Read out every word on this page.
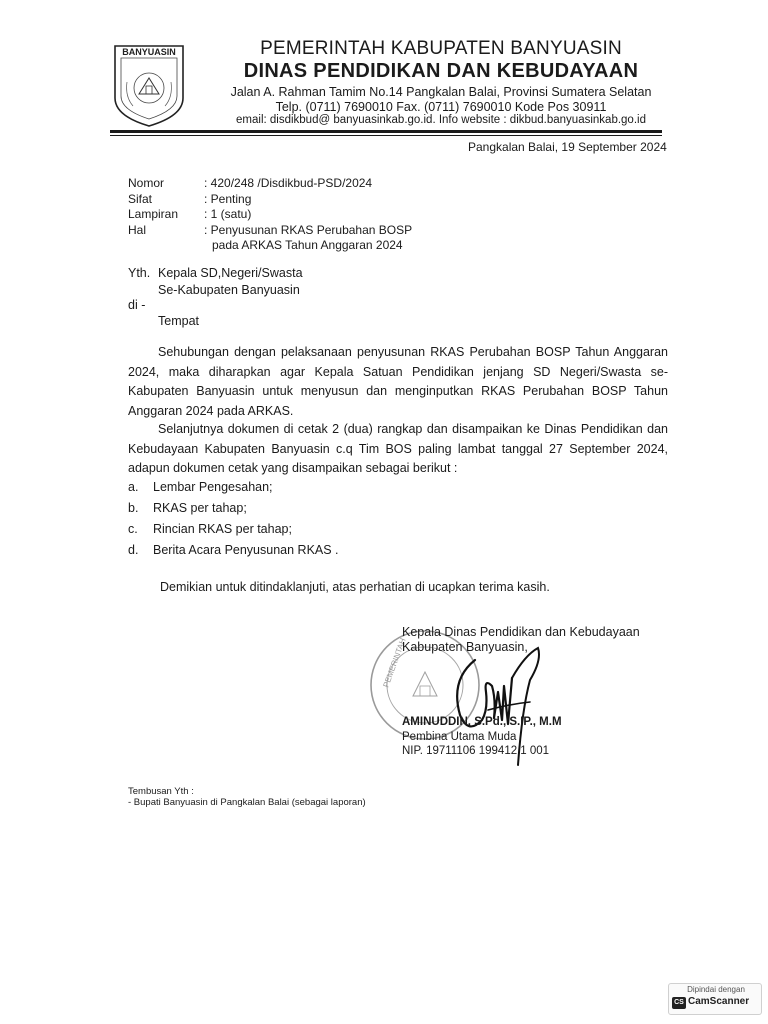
BANYUASIN	PEMERINTAH KABUPATEN BANYUASIN
DINAS PENDIDIKAN DAN KEBUDAYAAN
Jalan A. Rahman Tamim No.14 Pangkalan Balai, Provinsi Sumatera Selatan
Telp. (0711) 7690010 Fax. (0711) 7690010 Kode Pos 30911
email: disdikbud@ banyuasinkab.go.id. Info website : dikbud.banyuasinkab.go.id
Pangkalan Balai, 19 September 2024
Nomor	: 420/248 /Disdikbud-PSD/2024
Sifat	: Penting
Lampiran : 1 (satu)
Hal	: Penyusunan RKAS Perubahan BOSP
pada ARKAS Tahun Anggaran 2024
Yth. Kepala SD,Negeri/Swasta
Se-Kabupaten Banyuasin
di -
Tempat
Sehubungan dengan pelaksanaan penyusunan RKAS Perubahan BOSP Tahun Anggaran 2024, maka diharapkan agar Kepala Satuan Pendidikan jenjang SD Negeri/Swasta se-Kabupaten Banyuasin untuk menyusun dan menginputkan RKAS Perubahan BOSP Tahun Anggaran 2024 pada ARKAS.
Selanjutnya dokumen di cetak 2 (dua) rangkap dan disampaikan ke Dinas Pendidikan dan Kebudayaan Kabupaten Banyuasin c.q Tim BOS paling lambat tanggal 27 September 2024, adapun dokumen cetak yang disampaikan sebagai berikut :
a. Lembar Pengesahan;
b. RKAS per tahap;
c. Rincian RKAS per tahap;
d. Berita Acara Penyusunan RKAS .
Demikian untuk ditindaklanjuti, atas perhatian di ucapkan terima kasih.
PEMERINTAH
Kepala Dinas Pendidikan dan Kebudayaan
Kabupaten Banyuasin,
AMINUDDIN, S.Pd., S.IP., M.M
Pembina Utama Muda
NIP. 19711106 199412 1 001
Tembusan Yth :
- Bupati Banyuasin di Pangkalan Balai (sebagai laporan)
Dipindai dengan
CS CamScanner
